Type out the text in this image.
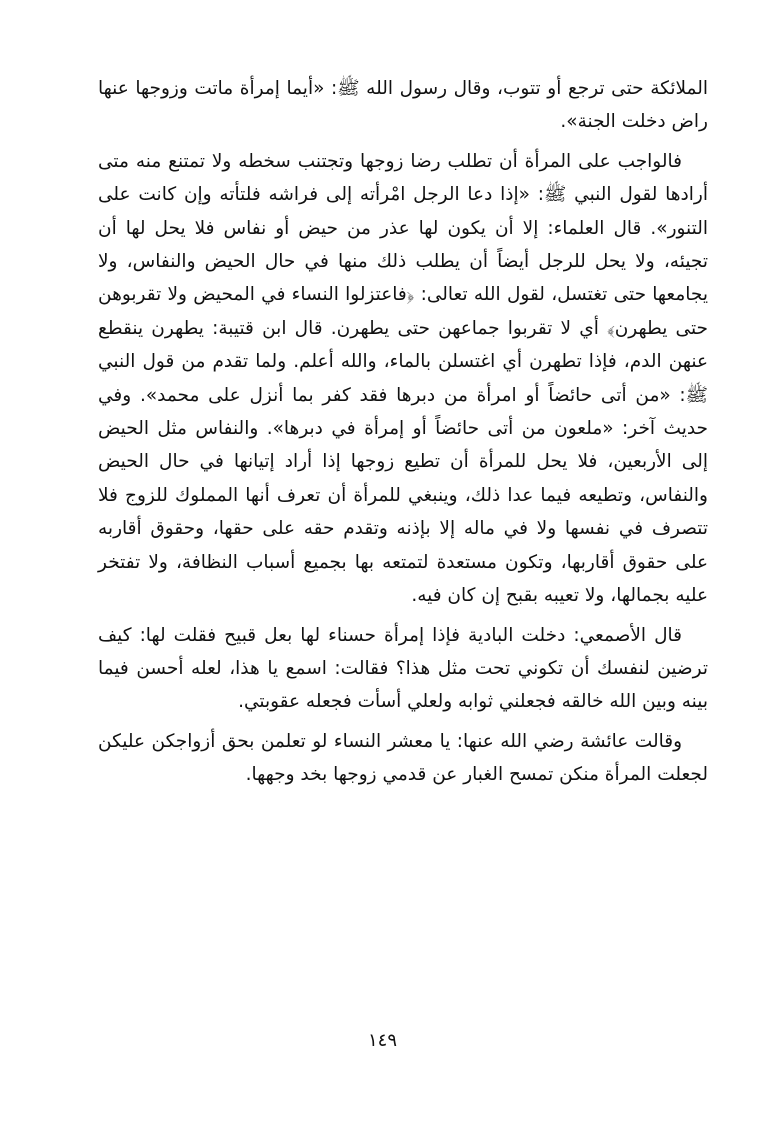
الملائكة حتى ترجع أو تتوب، وقال رسول الله ﷺ: «أيما إمرأة ماتت وزوجها عنها راض دخلت الجنة».

فالواجب على المرأة أن تطلب رضا زوجها وتجتنب سخطه ولا تمتنع منه متى أرادها لقول النبي ﷺ: «إذا دعا الرجل امْرأته إلى فراشه فلتأته وإن كانت على التنور». قال العلماء: إلا أن يكون لها عذر من حيض أو نفاس فلا يحل لها أن تجيئه، ولا يحل للرجل أيضاً أن يطلب ذلك منها في حال الحيض والنفاس، ولا يجامعها حتى تغتسل، لقول الله تعالى: ﴿فاعتزلوا النساء في المحيض ولا تقربوهن حتى يطهرن﴾ أي لا تقربوا جماعهن حتى يطهرن. قال ابن قتيبة: يطهرن ينقطع عنهن الدم، فإذا تطهرن أي اغتسلن بالماء، والله أعلم. ولما تقدم من قول النبي ﷺ: «من أتى حائضاً أو امرأة من دبرها فقد كفر بما أنزل على محمد». وفي حديث آخر: «ملعون من أتى حائضاً أو إمرأة في دبرها». والنفاس مثل الحيض إلى الأربعين، فلا يحل للمرأة أن تطيع زوجها إذا أراد إتيانها في حال الحيض والنفاس، وتطيعه فيما عدا ذلك، وينبغي للمرأة أن تعرف أنها المملوك للزوج فلا تتصرف في نفسها ولا في ماله إلا بإذنه وتقدم حقه على حقها، وحقوق أقاربه على حقوق أقاربها، وتكون مستعدة لتمتعه بها بجميع أسباب النظافة، ولا تفتخر عليه بجمالها، ولا تعيبه بقبح إن كان فيه.

قال الأصمعي: دخلت البادية فإذا إمرأة حسناء لها بعل قبيح فقلت لها: كيف ترضين لنفسك أن تكوني تحت مثل هذا؟ فقالت: اسمع يا هذا، لعله أحسن فيما بينه وبين الله خالقه فجعلني ثوابه ولعلي أسأت فجعله عقوبتي.

وقالت عائشة رضي الله عنها: يا معشر النساء لو تعلمن بحق أزواجكن عليكن لجعلت المرأة منكن تمسح الغبار عن قدمي زوجها بخد وجهها.

١٤٩
